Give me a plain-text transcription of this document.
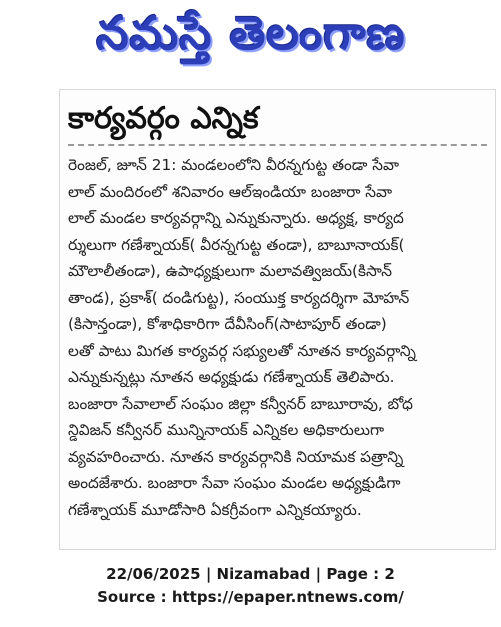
నమస్తే తెలంగాణ
కార్యవర్గం ఎన్నిక
రెంజల్, జూన్ 21: మండలంలోని వీరన్నగుట్ట తండా సేవా
లాల్ మందిరంలో శనివారం ఆల్ఇండియా బంజారా సేవా
లాల్ మండల కార్యవర్గాన్ని ఎన్నుకున్నారు. అధ్యక్ష, కార్యద
ర్శులుగా గణేశ్నాయక్( వీరన్నగుట్ట తండా), బాబూనాయక్(
మౌలాలీతండా), ఉపాధ్యక్షులుగా మలావత్విజయ్(కిసాన్
తాండ), ప్రకాశ్( దండిగుట్ట), సంయుక్త కార్యదర్శిగా మోహన్
(కిసాన్తండా), కోశాధికారిగా దేవీసింగ్(సాటాపూర్ తండా)
లతో పాటు మిగత కార్యవర్గ సభ్యులతో నూతన కార్యవర్గాన్ని
ఎన్నుకున్నట్లు నూతన అధ్యక్షుడు గణేశ్నాయక్ తెలిపారు.
బంజారా సేవాలాల్ సంఘం జిల్లా కన్వీనర్ బాబూరావు, బోధ
న్డివిజన్ కన్వీనర్ మున్నినాయక్ ఎన్నికల అధికారులుగా
వ్యవహరించారు. నూతన కార్యవర్గానికి నియామక పత్రాన్ని
అందజేశారు. బంజారా సేవా సంఘం మండల అధ్యక్షుడిగా
గణేశ్నాయక్ మూడోసారి ఏకగ్రీవంగా ఎన్నికయ్యారు.
22/06/2025 | Nizamabad | Page : 2
Source : https://epaper.ntnews.com/
